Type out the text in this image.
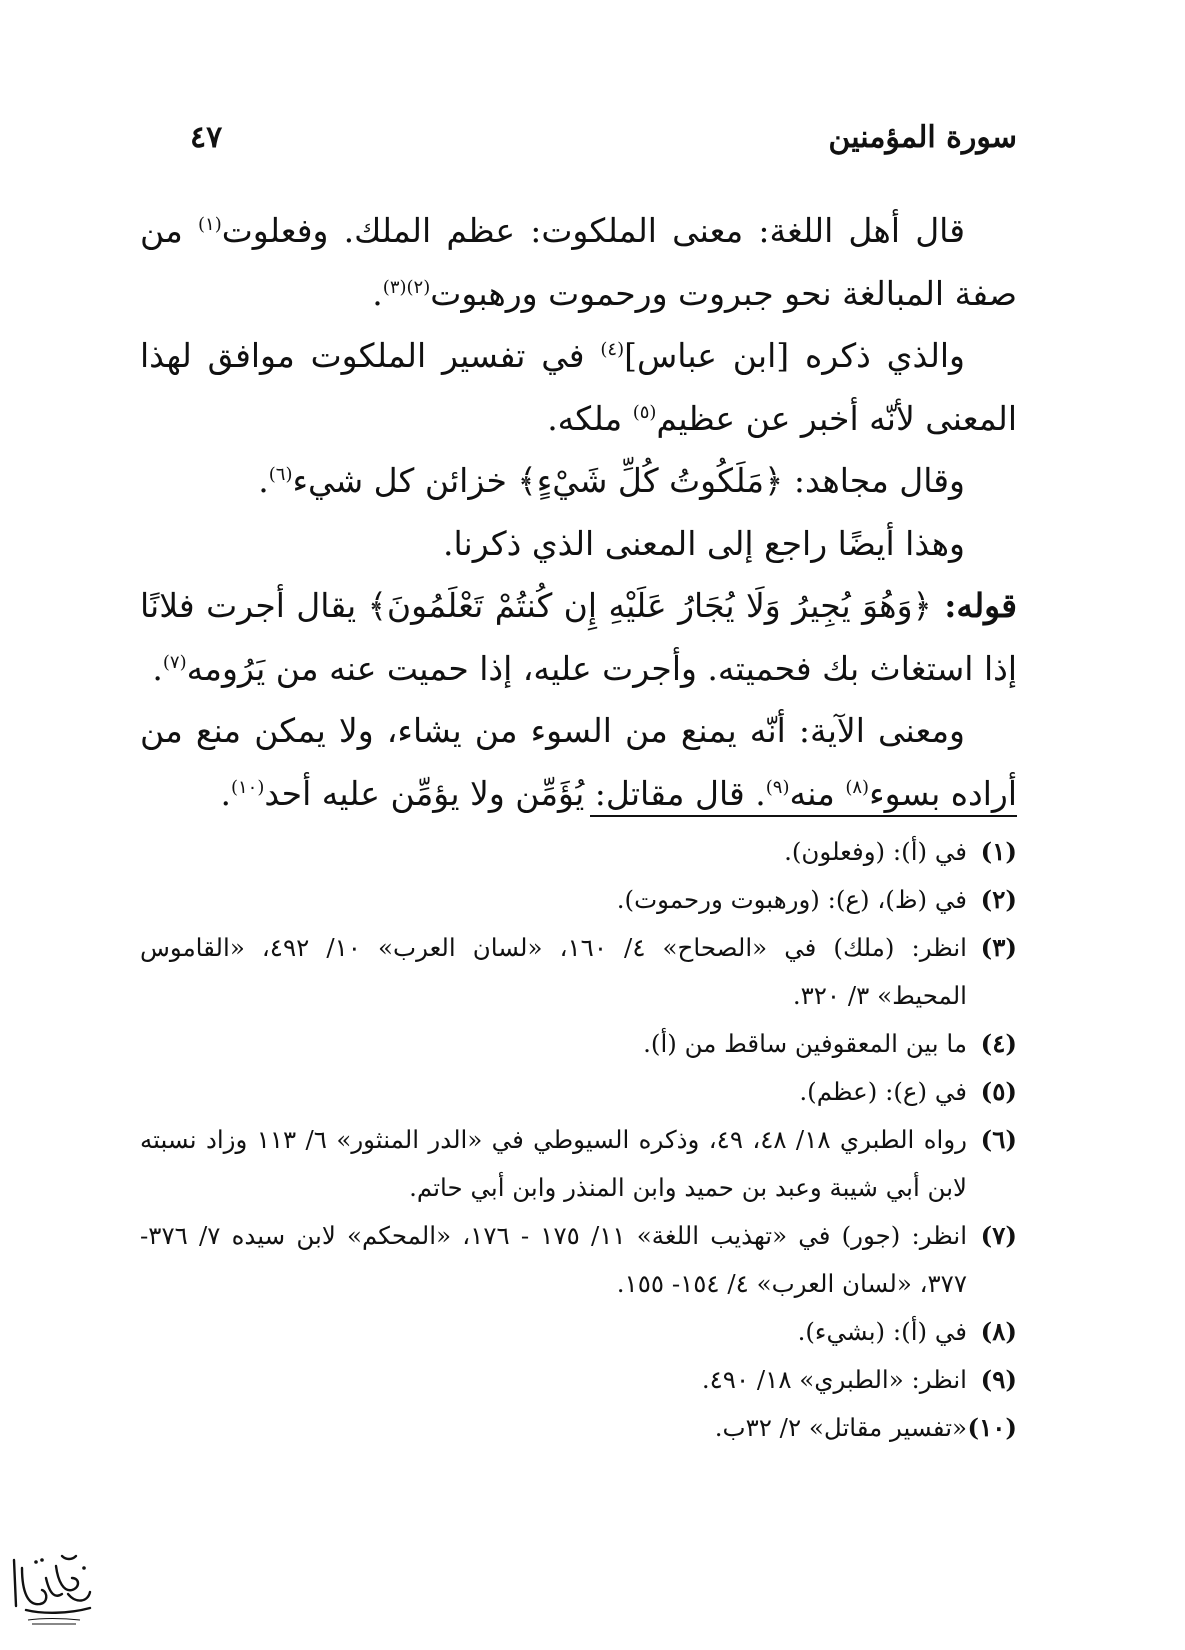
سورة المؤمنين
٤٧

قال أهل اللغة: معنى الملكوت: عظم الملك. وفعلوت$^{(١)}$ من صفة المبالغة نحو جبروت ورحموت ورهبوت$^{(٢)(٣)}$.

والذي ذكره [ابن عباس]$^{(٤)}$ في تفسير الملكوت موافق لهذا المعنى لأنّه أخبر عن عظيم$^{(٥)}$ ملكه.

وقال مجاهد: ﴿مَلَكُوتُ كُلِّ شَيْءٍ﴾ خزائن كل شيء$^{(٦)}$.

وهذا أيضًا راجع إلى المعنى الذي ذكرنا.

قوله: ﴿وَهُوَ يُجِيرُ وَلَا يُجَارُ عَلَيْهِ إِن كُنتُمْ تَعْلَمُونَ﴾ يقال أجرت فلانًا إذا استغاث بك فحميته. وأجرت عليه، إذا حميت عنه من يَرُومه$^{(٧)}$.

ومعنى الآية: أنّه يمنع من السوء من يشاء، ولا يمكن منع من أراده بسوء$^{(٨)}$ منه$^{(٩)}$. قال مقاتل: يُؤَمِّن ولا يؤمِّن عليه أحد$^{(١٠)}$.

(١)
في (أ): (وفعلون).
(٢)
في (ظ)، (ع): (ورهبوت ورحموت).
(٣)
انظر: (ملك) في «الصحاح» ٤/ ١٦٠، «لسان العرب» ١٠/ ٤٩٢، «القاموس المحيط» ٣/ ٣٢٠.
(٤)
ما بين المعقوفين ساقط من (أ).
(٥)
في (ع): (عظم).
(٦)
رواه الطبري ١٨/ ٤٨، ٤٩، وذكره السيوطي في «الدر المنثور» ٦/ ١١٣ وزاد نسبته لابن أبي شيبة وعبد بن حميد وابن المنذر وابن أبي حاتم.
(٧)
انظر: (جور) في «تهذيب اللغة» ١١/ ١٧٥ - ١٧٦، «المحكم» لابن سيده ٧/ ٣٧٦- ٣٧٧، «لسان العرب» ٤/ ١٥٤- ١٥٥.
(٨)
في (أ): (بشيء).
(٩)
انظر: «الطبري» ١٨/ ٤٩٠.
(١٠)
«تفسير مقاتل» ٢/ ٣٢ب.
